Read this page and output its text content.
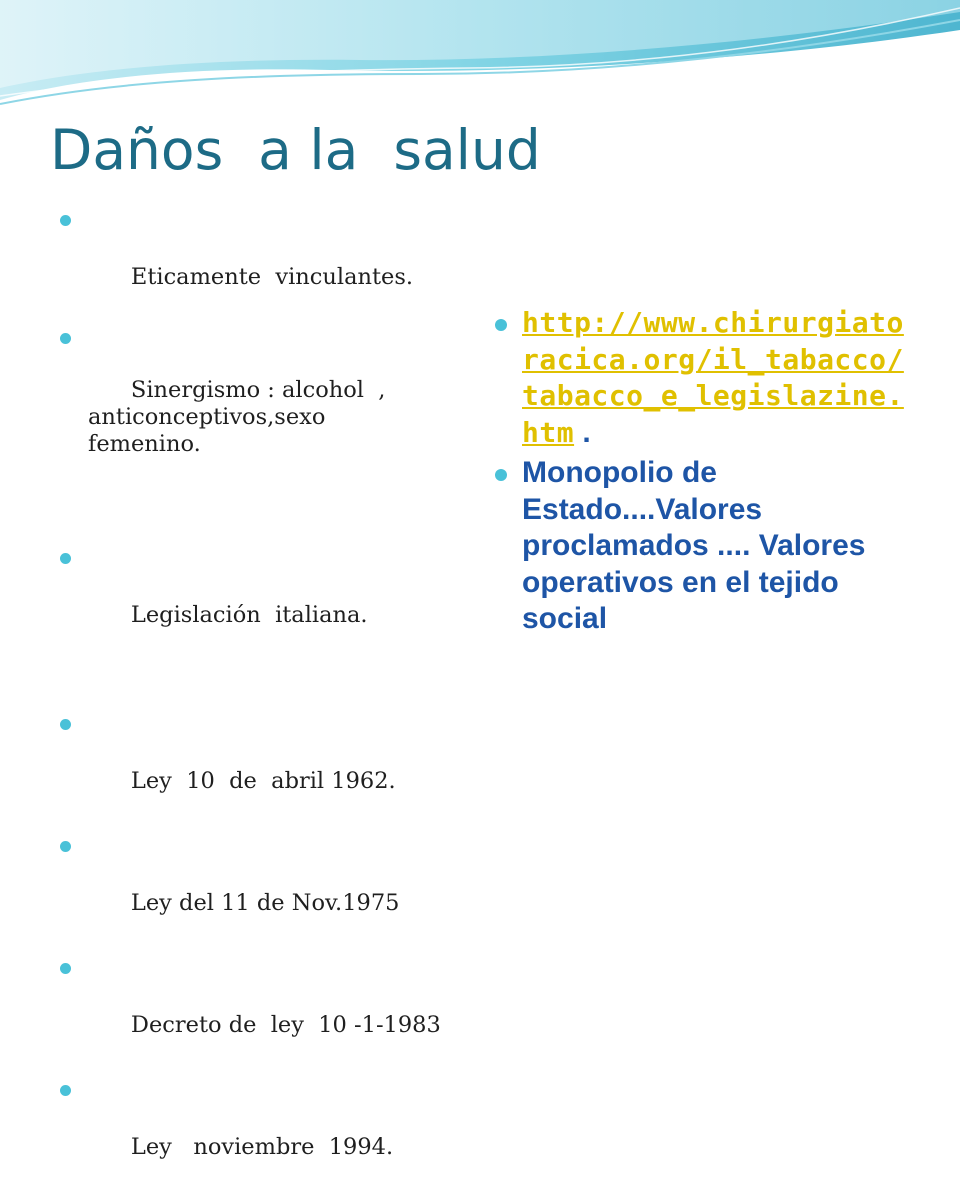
Daños  a la  salud

Eticamente  vinculantes.

Sinergismo : alcohol  ,
anticonceptivos,sexo
femenino.

Legislación  italiana.

Ley  10  de  abril 1962.

Ley del 11 de Nov.1975

Decreto de  ley  10 -1-1983

Ley   noviembre  1994.

http://www.chirurgiatoracica.org/il_tabacco/tabacco_e_legislazine.htm .
Monopolio de Estado....Valores proclamados .... Valores operativos en el tejido social
